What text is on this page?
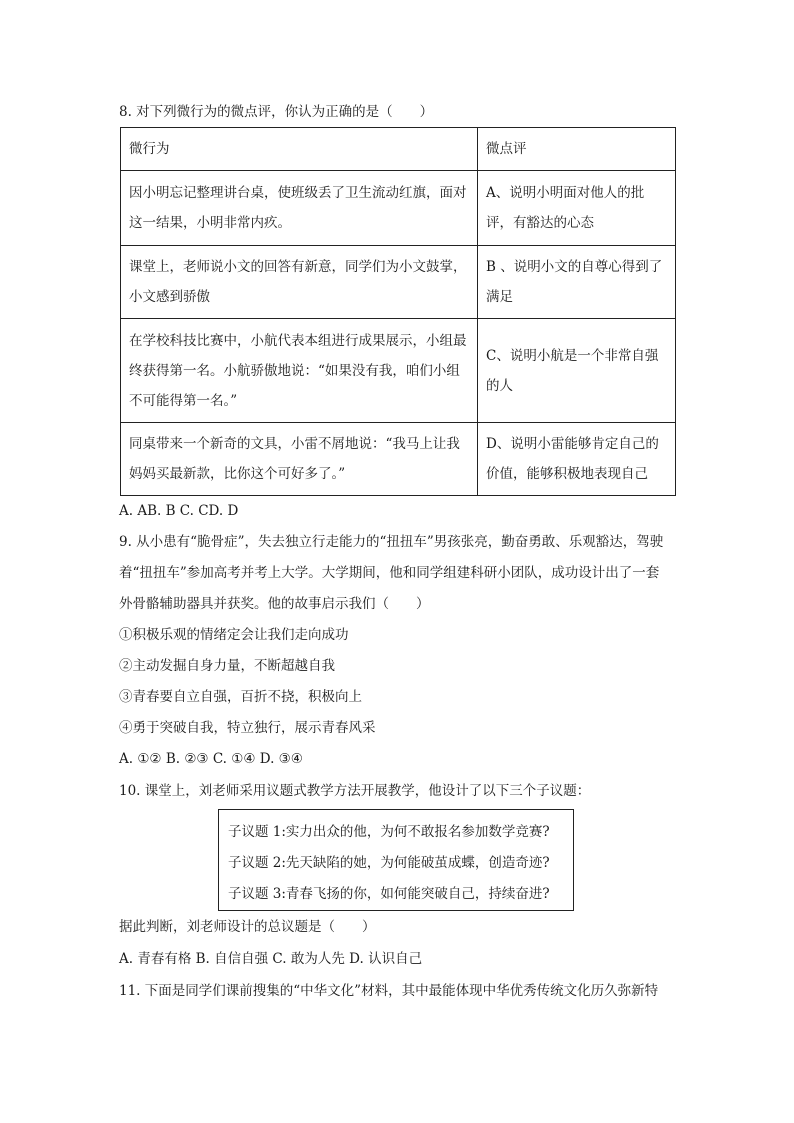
8. 对下列微行为的微点评，你认为正确的是（　　）
微行为	微点评
因小明忘记整理讲台桌，使班级丢了卫生流动红旗，面对这一结果，小明非常内疚。	A、说明小明面对他人的批评，有豁达的心态
课堂上，老师说小文的回答有新意，同学们为小文鼓掌，小文感到骄傲	B 、说明小文的自尊心得到了满足
在学校科技比赛中，小航代表本组进行成果展示，小组最终获得第一名。小航骄傲地说：“如果没有我，咱们小组不可能得第一名。”	C、说明小航是一个非常自强的人
同桌带来一个新奇的文具，小雷不屑地说：“我马上让我妈妈买最新款，比你这个可好多了。”	D、说明小雷能够肯定自己的价值，能够积极地表现自己
A. AB. B C. CD. D
9. 从小患有“脆骨症”，失去独立行走能力的“扭扭车”男孩张亮，勤奋勇敢、乐观豁达，驾驶
着“扭扭车”参加高考并考上大学。大学期间，他和同学组建科研小团队，成功设计出了一套
外骨骼辅助器具并获奖。他的故事启示我们（　　）
①积极乐观的情绪定会让我们走向成功
②主动发掘自身力量，不断超越自我
③青春要自立自强，百折不挠，积极向上
④勇于突破自我，特立独行，展示青春风采
A. ①② B. ②③ C. ①④ D. ③④
10. 课堂上，刘老师采用议题式教学方法开展教学，他设计了以下三个子议题：
子议题 1:实力出众的他，为何不敢报名参加数学竞赛?
子议题 2:先天缺陷的她，为何能破茧成蝶，创造奇迹?
子议题 3:青春飞扬的你，如何能突破自己，持续奋进?
据此判断，刘老师设计的总议题是（　　）
A. 青春有格 B. 自信自强 C. 敢为人先 D. 认识自己
11. 下面是同学们课前搜集的“中华文化”材料，其中最能体现中华优秀传统文化历久弥新特
